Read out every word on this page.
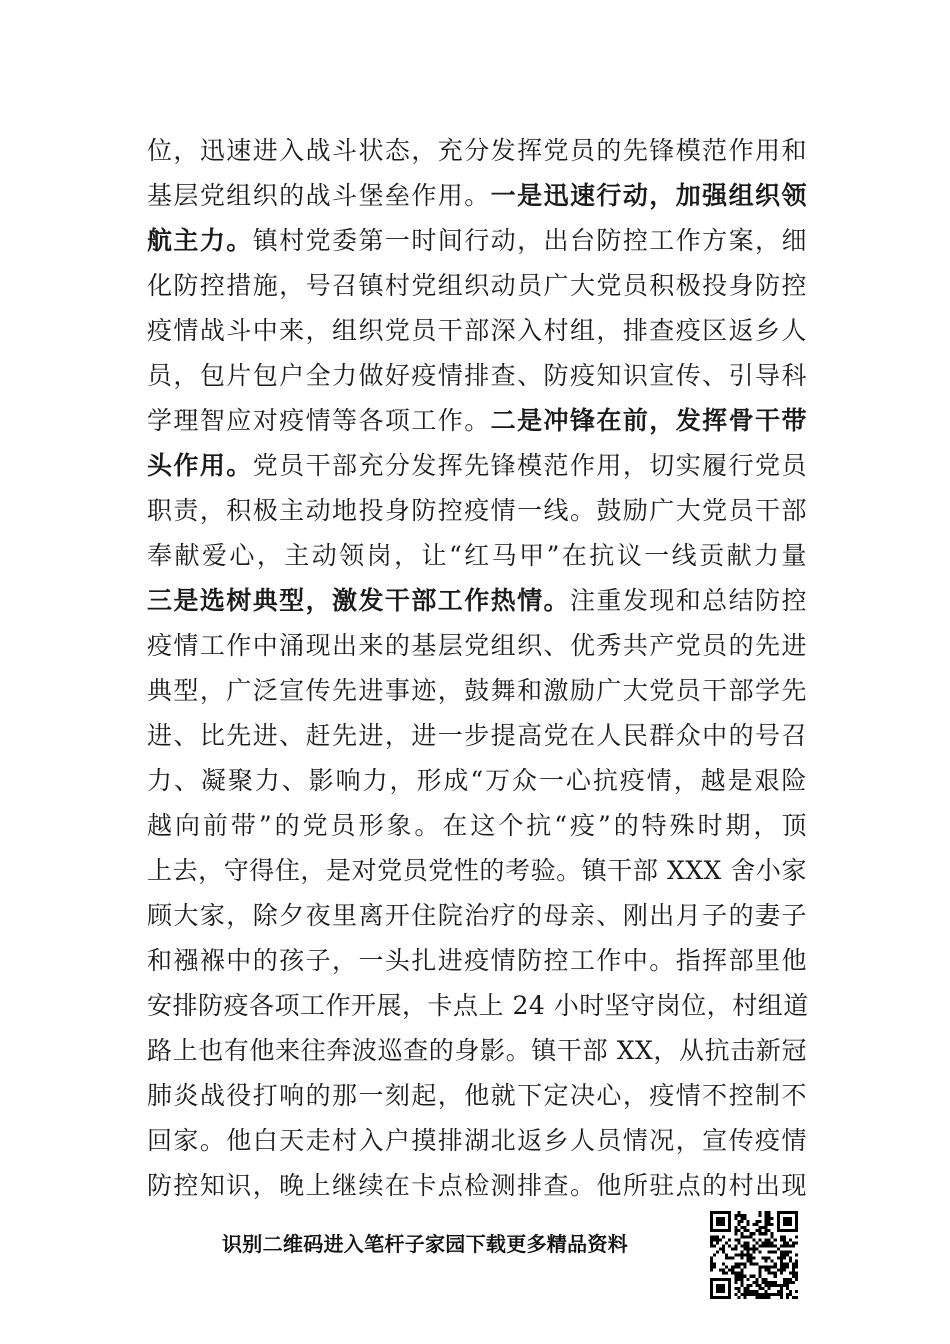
位，迅速进入战斗状态，充分发挥党员的先锋模范作用和
基层党组织的战斗堡垒作用。一是迅速行动，加强组织领
航主力。镇村党委第一时间行动，出台防控工作方案，细
化防控措施，号召镇村党组织动员广大党员积极投身防控
疫情战斗中来，组织党员干部深入村组，排查疫区返乡人
员，包片包户全力做好疫情排查、防疫知识宣传、引导科
学理智应对疫情等各项工作。二是冲锋在前，发挥骨干带
头作用。党员干部充分发挥先锋模范作用，切实履行党员
职责，积极主动地投身防控疫情一线。鼓励广大党员干部
奉献爱心，主动领岗，让“红马甲”在抗议一线贡献力量
三是选树典型，激发干部工作热情。注重发现和总结防控
疫情工作中涌现出来的基层党组织、优秀共产党员的先进
典型，广泛宣传先进事迹，鼓舞和激励广大党员干部学先
进、比先进、赶先进，进一步提高党在人民群众中的号召
力、凝聚力、影响力，形成“万众一心抗疫情，越是艰险
越向前带”的党员形象。在这个抗“疫”的特殊时期，顶
上去，守得住，是对党员党性的考验。镇干部 XXX 舍小家
顾大家，除夕夜里离开住院治疗的母亲、刚出月子的妻子
和襁褓中的孩子，一头扎进疫情防控工作中。指挥部里他
安排防疫各项工作开展，卡点上 24 小时坚守岗位，村组道
路上也有他来往奔波巡查的身影。镇干部 XX，从抗击新冠
肺炎战役打响的那一刻起，他就下定决心，疫情不控制不
回家。他白天走村入户摸排湖北返乡人员情况，宣传疫情
防控知识，晚上继续在卡点检测排查。他所驻点的村出现
识别二维码进入笔杆子家园下载更多精品资料
